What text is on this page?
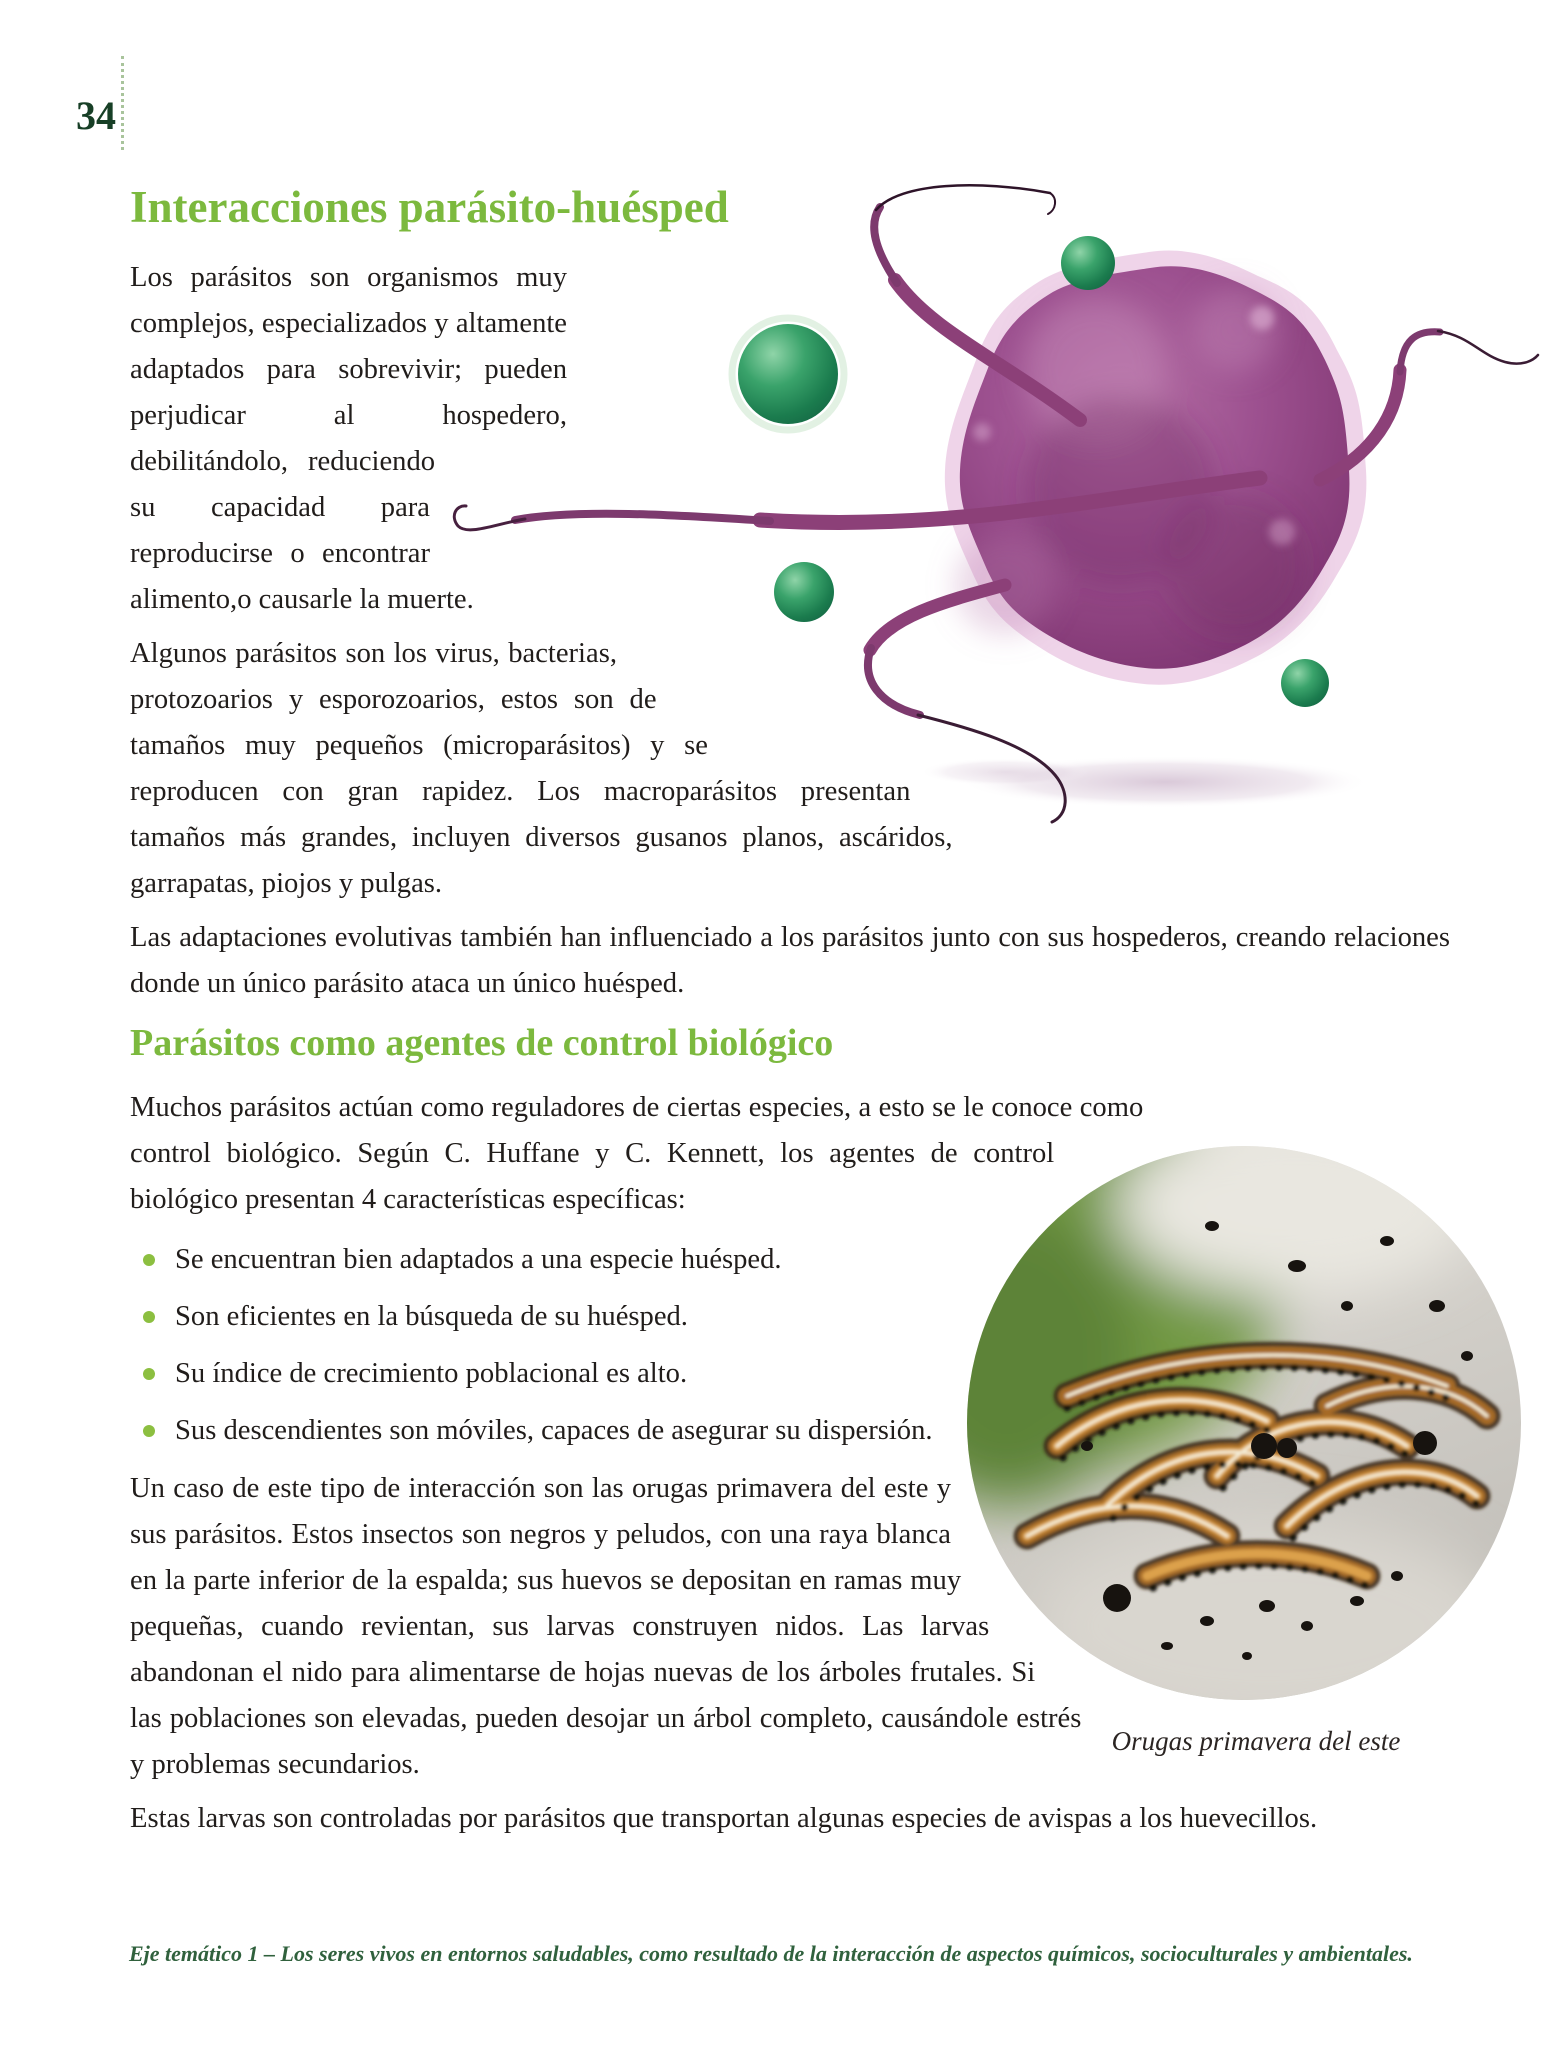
34
Interacciones parásito-huésped

Los parásitos son organismos muy complejos, especializados y altamente adaptados para sobrevivir; pueden perjudicar al hospedero, debilitándolo, reduciendo su capacidad para reproducirse o encontrar alimento,o causarle la muerte.

Algunos parásitos son los virus, bacterias, protozoarios y esporozoarios, estos son de tamaños muy pequeños (microparásitos) y se reproducen con gran rapidez. Los macroparásitos presentan tamaños más grandes, incluyen diversos gusanos planos, ascáridos, garrapatas, piojos y pulgas.

Las adaptaciones evolutivas también han influenciado a los parásitos junto con sus hospederos, creando relaciones donde un único parásito ataca un único huésped.

Parásitos como agentes de control biológico
Orugas primavera del este

Muchos parásitos actúan como reguladores de ciertas especies, a esto se le conoce como control biológico. Según C. Huffane y C. Kennett, los agentes de control biológico presentan 4 características específicas:

Se encuentran bien adaptados a una especie huésped.
Son eficientes en la búsqueda de su huésped.
Su índice de crecimiento poblacional es alto.
Sus descendientes son móviles, capaces de asegurar su dispersión.

Un caso de este tipo de interacción son las orugas primavera del este y sus parásitos. Estos insectos son negros y peludos, con una raya blanca en la parte inferior de la espalda; sus huevos se depositan en ramas muy pequeñas, cuando revientan, sus larvas construyen nidos. Las larvas abandonan el nido para alimentarse de hojas nuevas de los árboles frutales. Si las poblaciones son elevadas, pueden desojar un árbol completo, causándole estrés y problemas secundarios.

Estas larvas son controladas por parásitos que transportan algunas especies de avispas a los huevecillos.

Eje temático 1 – Los seres vivos en entornos saludables, como resultado de la interacción de aspectos químicos, socioculturales y ambientales.
